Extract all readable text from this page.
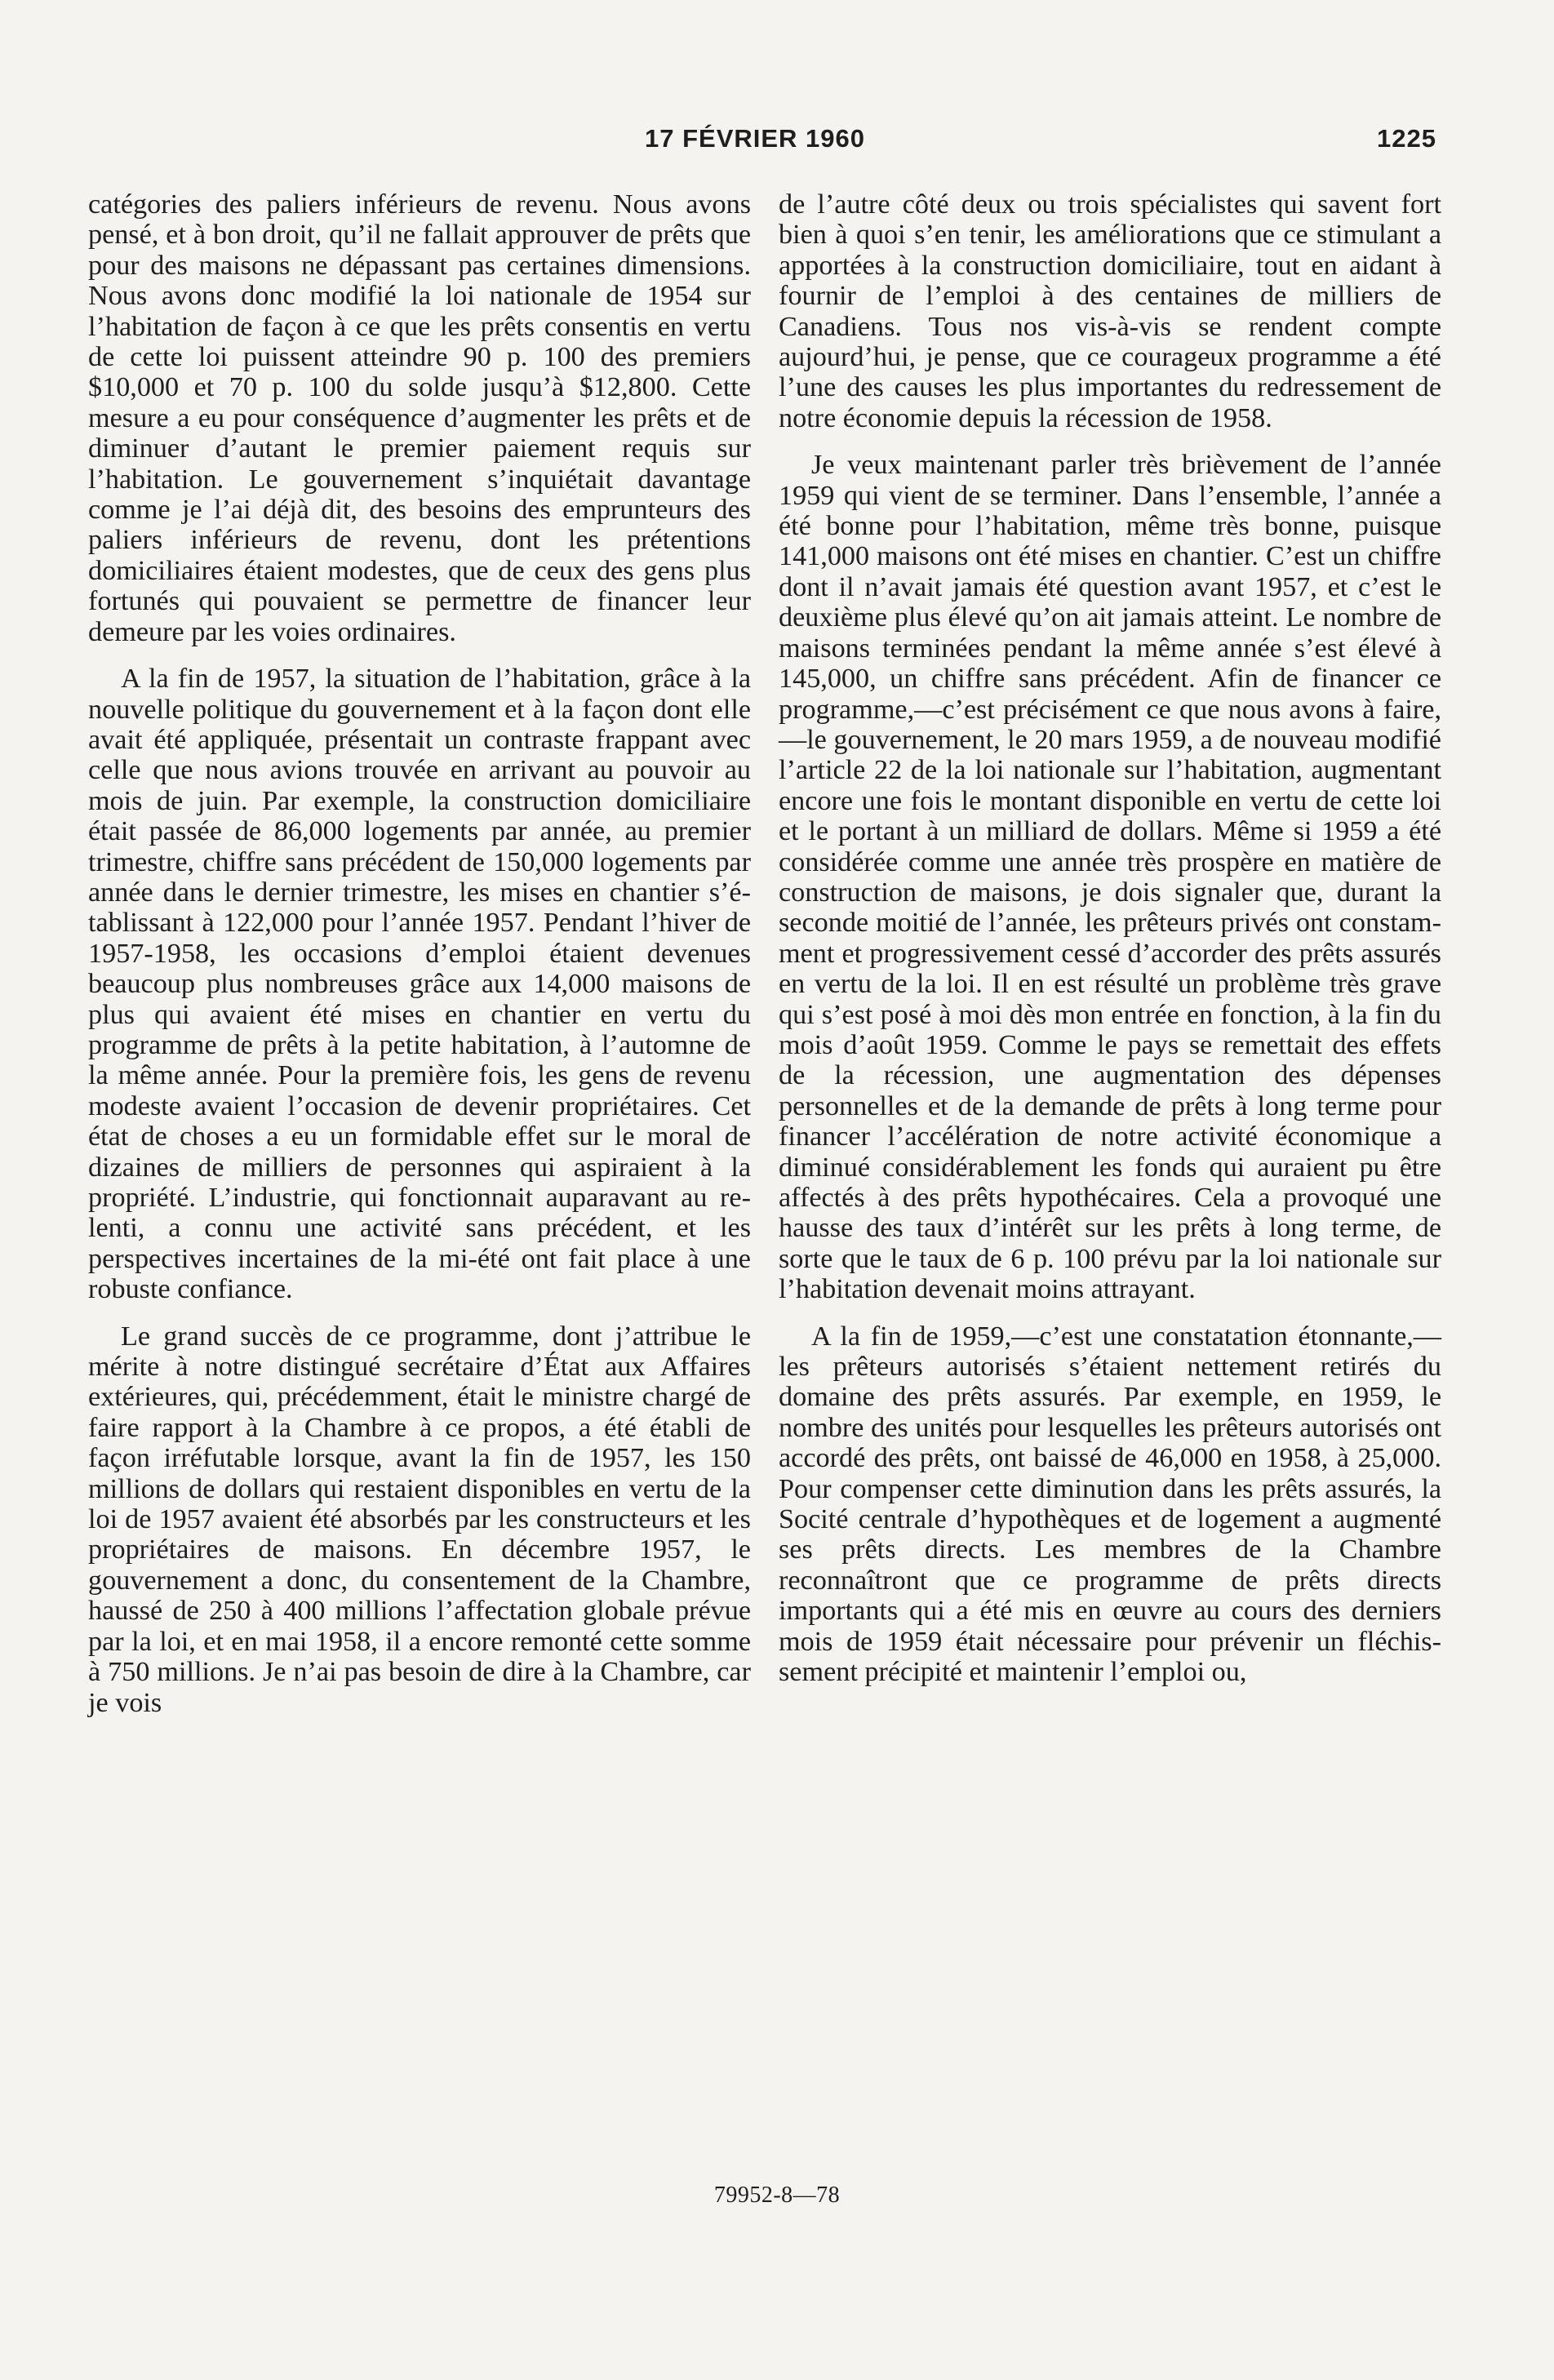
17 FÉVRIER 1960	1225

catégories des paliers inférieurs de revenu. Nous avons pensé, et à bon droit, qu’il ne fallait approuver de prêts que pour des maisons ne dépassant pas certaines dimensions. Nous avons donc modifié la loi nationale de 1954 sur l’habitation de façon à ce que les prêts consentis en vertu de cette loi puissent atteindre 90 p. 100 des premiers $10,000 et 70 p. 100 du solde jusqu’à $12,800. Cette mesure a eu pour conséquence d’augmenter les prêts et de diminuer d’autant le premier paiement requis sur l’habitation. Le gouvernement s’inquiétait davantage comme je l’ai déjà dit, des besoins des emprunteurs des paliers inférieurs de revenu, dont les prétentions domiciliaires étaient modestes, que de ceux des gens plus fortunés qui pouvaient se permettre de financer leur demeure par les voies ordinaires.

A la fin de 1957, la situation de l’habitation, grâce à la nouvelle politique du gouvernement et à la façon dont elle avait été appliquée, présentait un contraste frappant avec celle que nous avions trouvée en arrivant au pouvoir au mois de juin. Par exemple, la construction domiciliaire était passée de 86,000 logements par année, au premier trimestre, chiffre sans précédent de 150,000 logements par année dans le dernier trimestre, les mises en chantier s’établissant à 122,000 pour l’année 1957. Pendant l’hiver de 1957-1958, les occasions d’emploi étaient devenues beaucoup plus nombreuses grâce aux 14,000 maisons de plus qui avaient été mises en chantier en vertu du programme de prêts à la petite habitation, à l’automne de la même année. Pour la première fois, les gens de revenu modeste avaient l’occasion de devenir propriétaires. Cet état de choses a eu un formidable effet sur le moral de dizaines de milliers de personnes qui aspiraient à la propriété. L’industrie, qui fonctionnait auparavant au relenti, a connu une activité sans précédent, et les perspectives incertaines de la mi-été ont fait place à une robuste confiance.

Le grand succès de ce programme, dont j’attribue le mérite à notre distingué secrétaire d’État aux Affaires extérieures, qui, précédemment, était le ministre chargé de faire rapport à la Chambre à ce propos, a été établi de façon irréfutable lorsque, avant la fin de 1957, les 150 millions de dollars qui restaient disponibles en vertu de la loi de 1957 avaient été absorbés par les constructeurs et les propriétaires de maisons. En décembre 1957, le gouvernement a donc, du consentement de la Chambre, haussé de 250 à 400 millions l’affectation globale prévue par la loi, et en mai 1958, il a encore remonté cette somme à 750 millions. Je n’ai pas besoin de dire à la Chambre, car je vois

de l’autre côté deux ou trois spécialistes qui savent fort bien à quoi s’en tenir, les améliorations que ce stimulant a apportées à la construction domiciliaire, tout en aidant à fournir de l’emploi à des centaines de milliers de Canadiens. Tous nos vis-à-vis se rendent compte aujourd’hui, je pense, que ce courageux programme a été l’une des causes les plus importantes du redressement de notre économie depuis la récession de 1958.

Je veux maintenant parler très brièvement de l’année 1959 qui vient de se terminer. Dans l’ensemble, l’année a été bonne pour l’habitation, même très bonne, puisque 141,000 maisons ont été mises en chantier. C’est un chiffre dont il n’avait jamais été question avant 1957, et c’est le deuxième plus élevé qu’on ait jamais atteint. Le nombre de maisons terminées pendant la même année s’est élevé à 145,000, un chiffre sans précédent. Afin de financer ce programme,—c’est précisément ce que nous avons à faire,—le gouvernement, le 20 mars 1959, a de nouveau modifié l’article 22 de la loi nationale sur l’habitation, augmentant encore une fois le montant disponible en vertu de cette loi et le portant à un milliard de dollars. Même si 1959 a été considérée comme une année très prospère en matière de construction de maisons, je dois signaler que, durant la seconde moitié de l’année, les prêteurs privés ont constamment et progressivement cessé d’accorder des prêts assurés en vertu de la loi. Il en est résulté un problème très grave qui s’est posé à moi dès mon entrée en fonction, à la fin du mois d’août 1959. Comme le pays se remettait des effets de la récession, une augmentation des dépenses personnelles et de la demande de prêts à long terme pour financer l’accélération de notre activité économique a diminué considérablement les fonds qui auraient pu être affectés à des prêts hypothécaires. Cela a provoqué une hausse des taux d’intérêt sur les prêts à long terme, de sorte que le taux de 6 p. 100 prévu par la loi nationale sur l’habitation devenait moins attrayant.

A la fin de 1959,—c’est une constatation étonnante,—les prêteurs autorisés s’étaient nettement retirés du domaine des prêts assurés. Par exemple, en 1959, le nombre des unités pour lesquelles les prêteurs autorisés ont accordé des prêts, ont baissé de 46,000 en 1958, à 25,000. Pour compenser cette diminution dans les prêts assurés, la Socité centrale d’hypothèques et de logement a augmenté ses prêts directs. Les membres de la Chambre reconnaîtront que ce programme de prêts directs importants qui a été mis en œuvre au cours des derniers mois de 1959 était nécessaire pour prévenir un fléchissement précipité et maintenir l’emploi ou,

79952-8—78
